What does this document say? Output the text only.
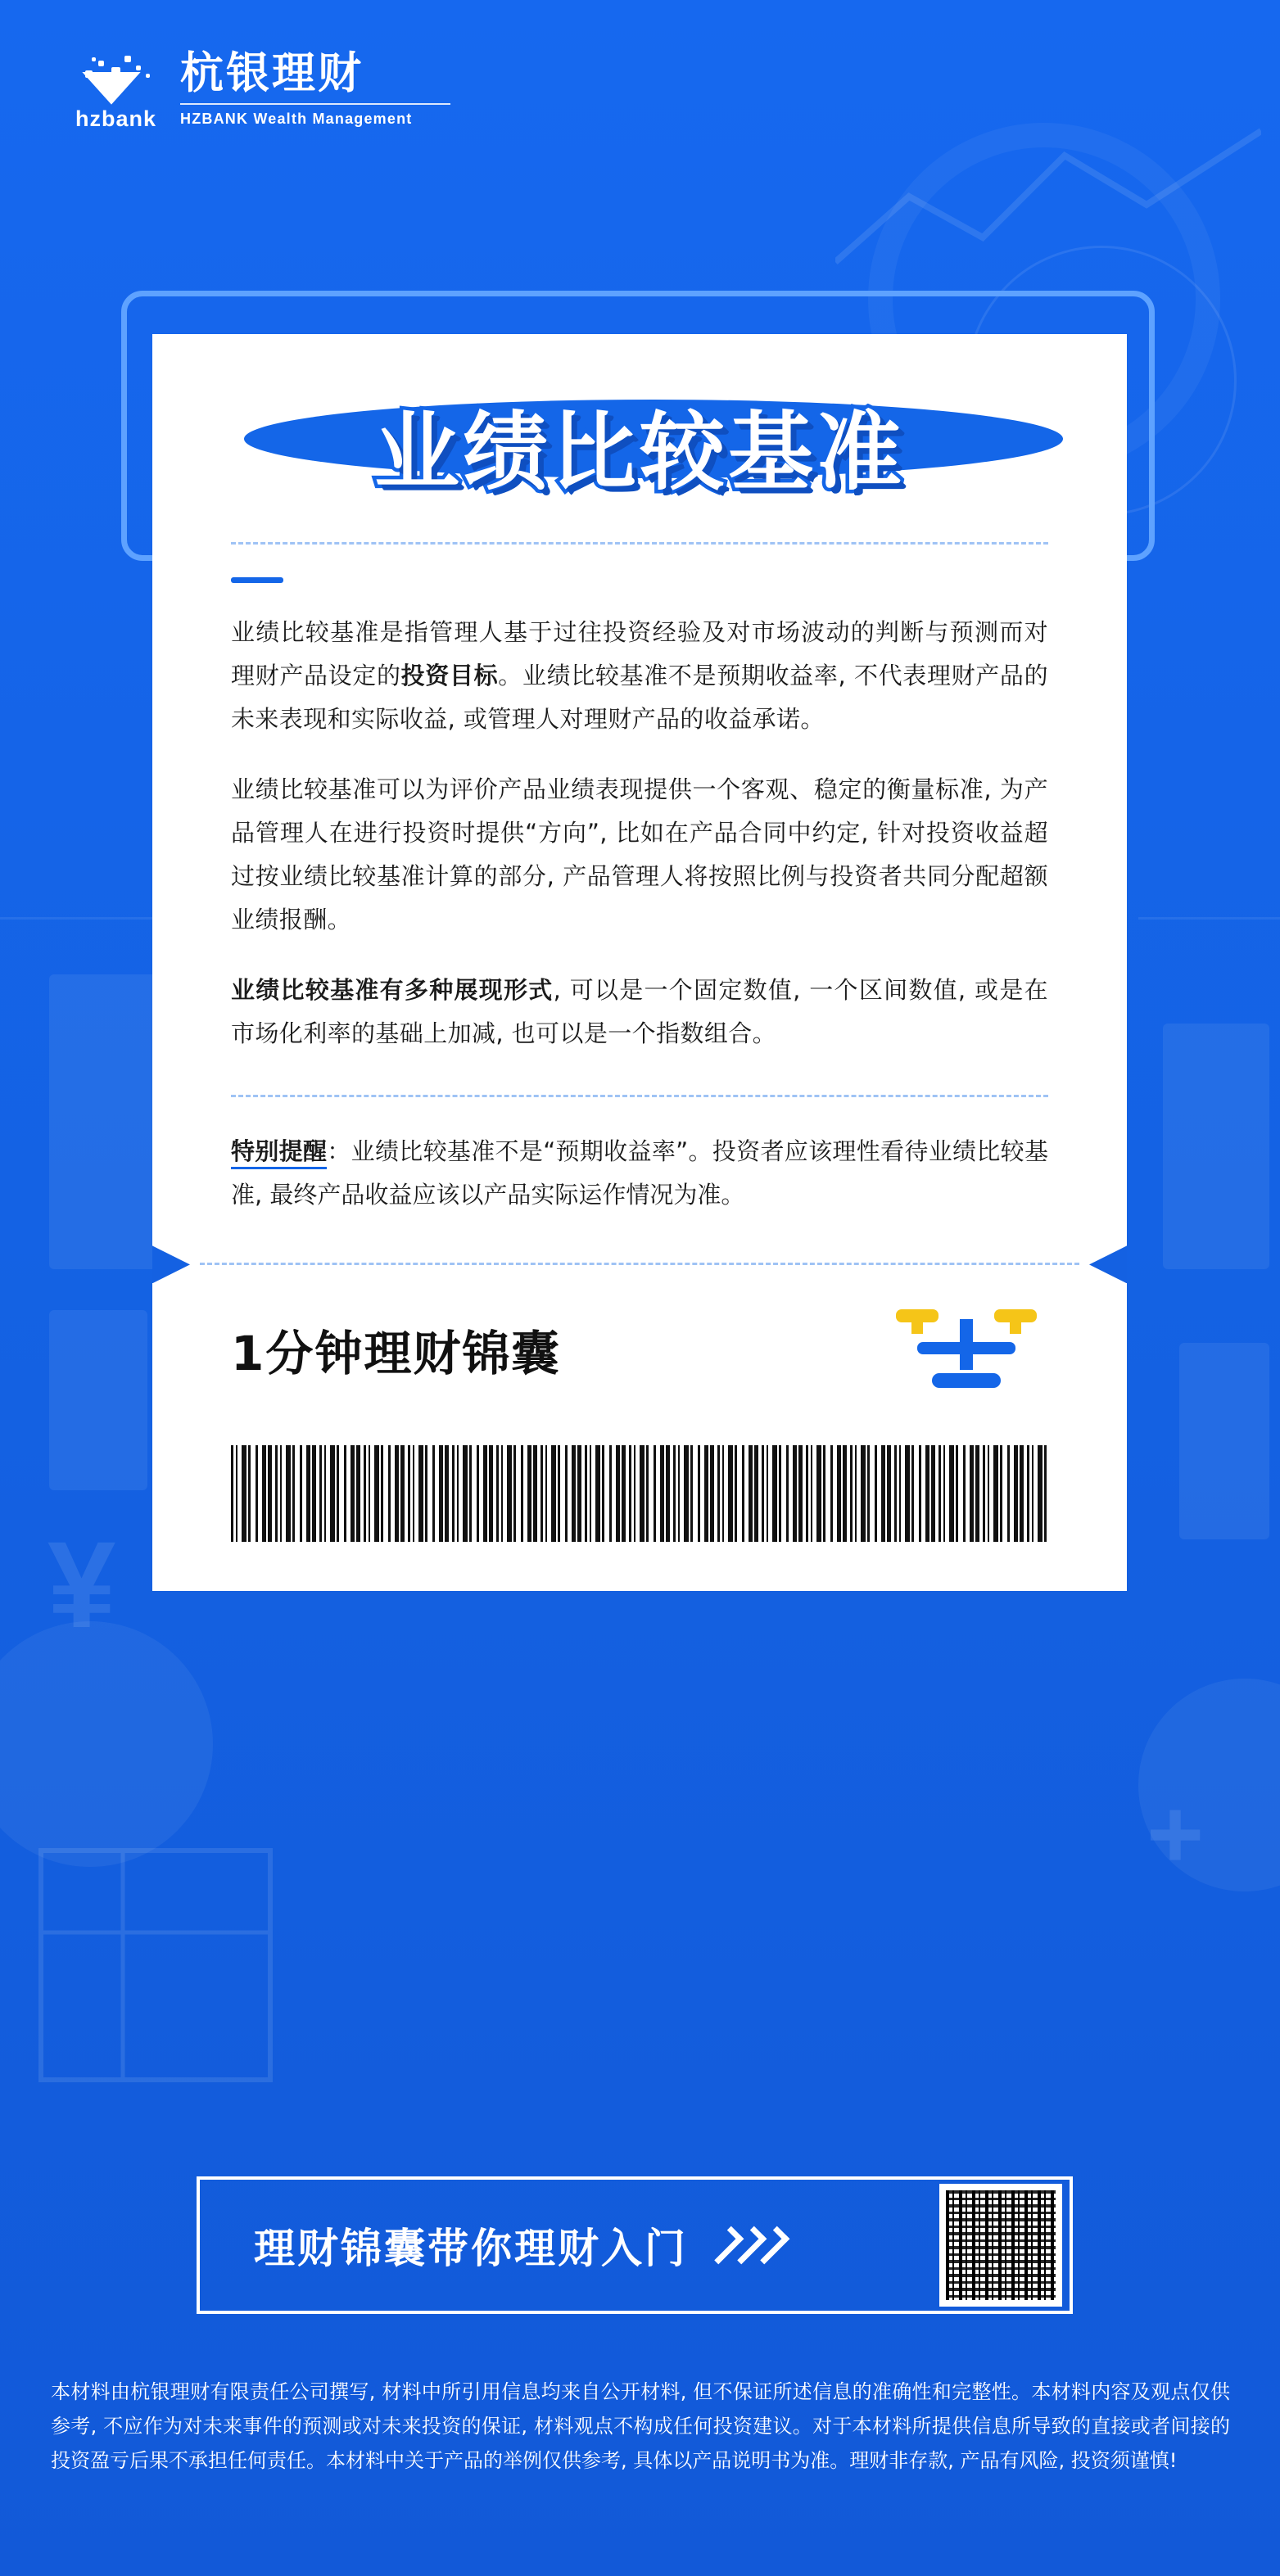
¥
+
hzbank
杭银理财
HZBANK Wealth Management
业绩比较基准

业绩比较基准是指管理人基于过往投资经验及对市场波动的判断与预测而对理财产品设定的投资目标。业绩比较基准不是预期收益率, 不代表理财产品的未来表现和实际收益, 或管理人对理财产品的收益承诺。

业绩比较基准可以为评价产品业绩表现提供一个客观、稳定的衡量标准, 为产品管理人在进行投资时提供“方向”, 比如在产品合同中约定, 针对投资收益超过按业绩比较基准计算的部分, 产品管理人将按照比例与投资者共同分配超额业绩报酬。

业绩比较基准有多种展现形式, 可以是一个固定数值, 一个区间数值, 或是在市场化利率的基础上加减, 也可以是一个指数组合。

特别提醒：业绩比较基准不是“预期收益率”。投资者应该理性看待业绩比较基准, 最终产品收益应该以产品实际运作情况为准。
1分钟理财锦囊
理财锦囊带你理财入门
本材料由杭银理财有限责任公司撰写, 材料中所引用信息均来自公开材料, 但不保证所述信息的准确性和完整性。本材料内容及观点仅供参考, 不应作为对未来事件的预测或对未来投资的保证, 材料观点不构成任何投资建议。对于本材料所提供信息所导致的直接或者间接的投资盈亏后果不承担任何责任。本材料中关于产品的举例仅供参考, 具体以产品说明书为准。理财非存款, 产品有风险, 投资须谨慎!
